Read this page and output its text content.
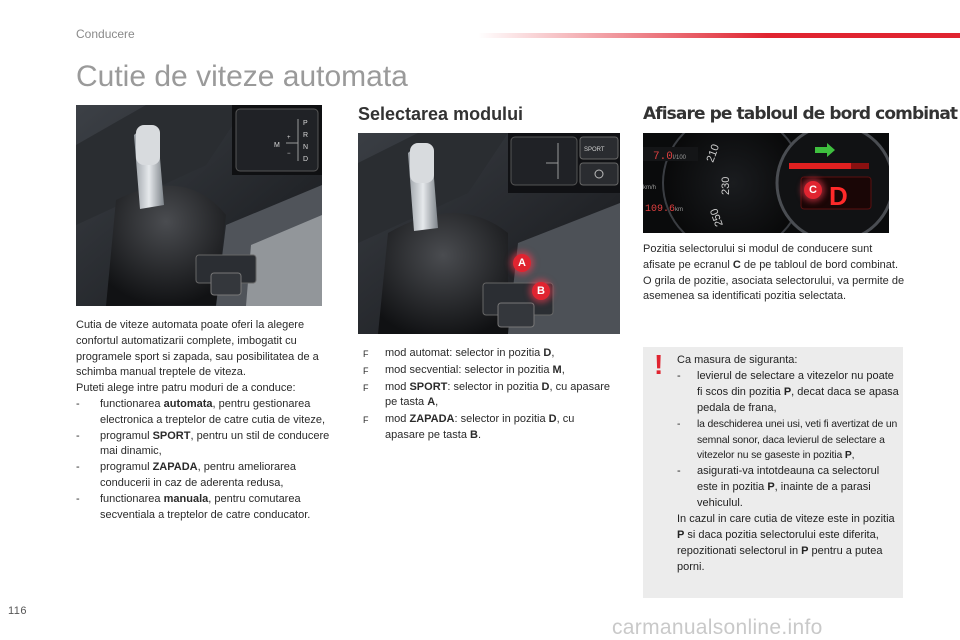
Conducere
Cutie de viteze automata
P
R
N
D
M
+
−

Cutia de viteze automata poate oferi la alegere confortul automatizarii complete, imbogatit cu programele sport si zapada, sau posibilitatea de a schimba manual treptele de viteza.

Puteti alege intre patru moduri de a conduce:

- functionarea automata, pentru gestionarea electronica a treptelor de catre cutia de viteze,
- programul SPORT, pentru un stil de conducere mai dinamic,
- programul ZAPADA, pentru ameliorarea conducerii in caz de aderenta redusa,
- functionarea manuala, pentru comutarea secventiala a treptelor de catre conducator.
Selectarea modului
SPORT
A
B
F mod automat: selector in pozitia D,
F mod secvential: selector in pozitia M,
F mod SPORT: selector in pozitia D, cu apasare pe tasta A,
F mod ZAPADA: selector in pozitia D, cu apasare pe tasta B.
Afisare pe tabloul de bord combinat
7.0 l/100
km/h
109.6 km
210
230
250
D
C

Pozitia selectorului si modul de conducere sunt afisate pe ecranul C de pe tabloul de bord combinat.

O grila de pozitie, asociata selectorului, va permite de asemenea sa identificati pozitia selectata.

! Ca masura de siguranta:
- levierul de selectare a vitezelor nu poate fi scos din pozitia P, decat daca se apasa pedala de frana,
- la deschiderea unei usi, veti fi avertizat de un semnal sonor, daca levierul de selectare a vitezelor nu se gaseste in pozitia P,
- asigurati-va intotdeauna ca selectorul este in pozitia P, inainte de a parasi vehiculul.
In cazul in care cutia de viteze este in pozitia P si daca pozitia selectorului este diferita, repozitionati selectorul in P pentru a putea porni.
116
carmanualsonline.info
